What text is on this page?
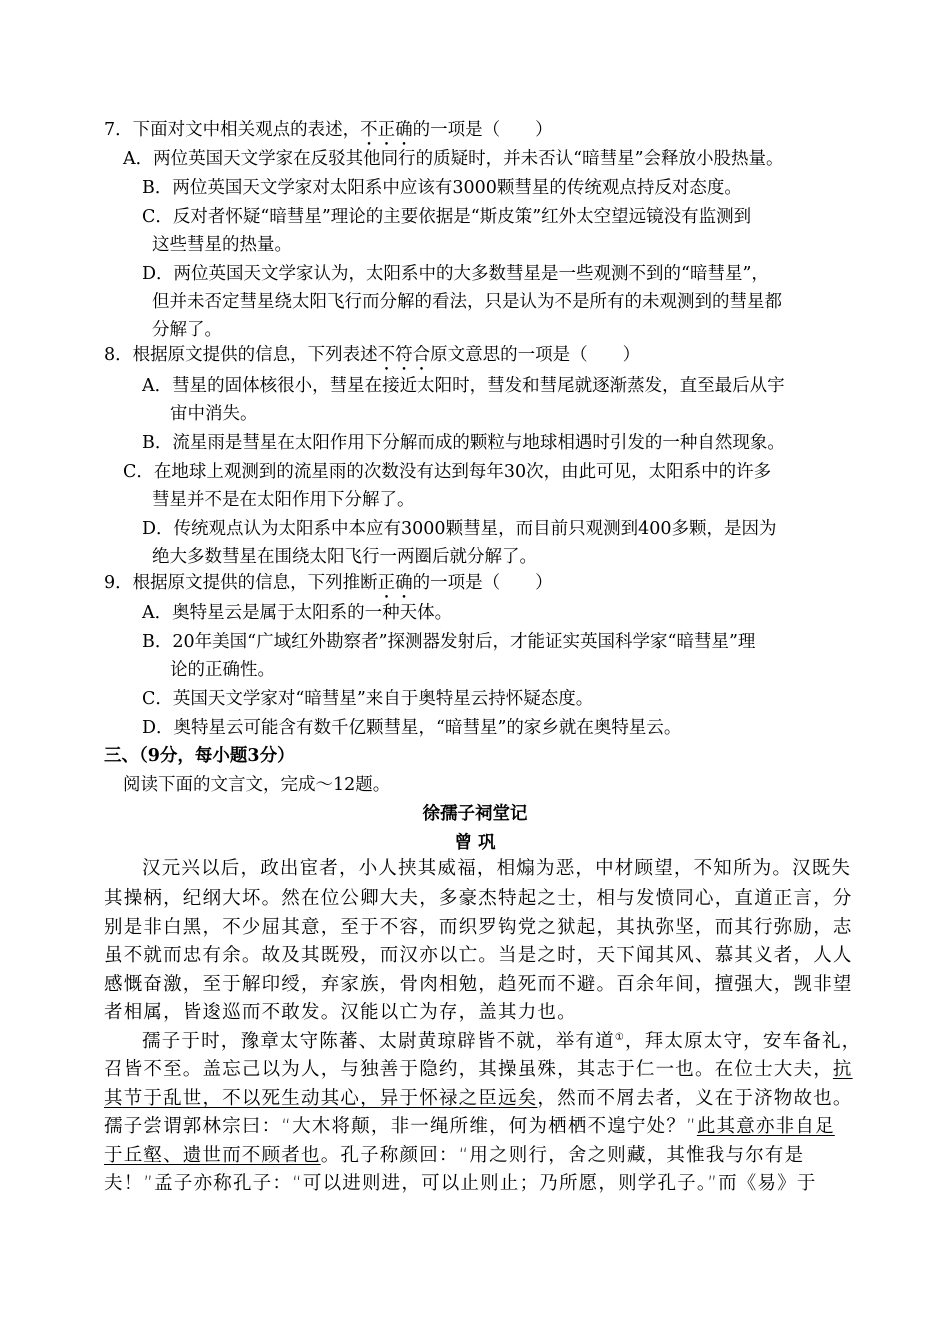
7．下面对文中相关观点的表述，不正确的一项是（　　）
A．两位英国天文学家在反驳其他同行的质疑时，并未否认“暗彗星”会释放小股热量。
B．两位英国天文学家对太阳系中应该有3000颗彗星的传统观点持反对态度。
C．反对者怀疑“暗彗星”理论的主要依据是“斯皮策”红外太空望远镜没有监测到
这些彗星的热量。
D．两位英国天文学家认为，太阳系中的大多数彗星是一些观测不到的“暗彗星”，
但并未否定彗星绕太阳飞行而分解的看法，只是认为不是所有的未观测到的彗星都
分解了。
8．根据原文提供的信息，下列表述不符合原文意思的一项是（　　）
A．彗星的固体核很小，彗星在接近太阳时，彗发和彗尾就逐渐蒸发，直至最后从宇
宙中消失。
B．流星雨是彗星在太阳作用下分解而成的颗粒与地球相遇时引发的一种自然现象。
C．在地球上观测到的流星雨的次数没有达到每年30次，由此可见，太阳系中的许多
彗星并不是在太阳作用下分解了。
D．传统观点认为太阳系中本应有3000颗彗星，而目前只观测到400多颗，是因为
绝大多数彗星在围绕太阳飞行一两圈后就分解了。
9．根据原文提供的信息，下列推断正确的一项是（　　）
A．奥特星云是属于太阳系的一种天体。
B．20年美国“广域红外勘察者”探测器发射后，才能证实英国科学家“暗彗星”理
论的正确性。
C．英国天文学家对“暗彗星”来自于奥特星云持怀疑态度。
D．奥特星云可能含有数千亿颗彗星，“暗彗星”的家乡就在奥特星云。
三、（9分，每小题3分）
阅读下面的文言文，完成～12题。
徐孺子祠堂记
曾 巩
汉元兴以后，政出宦者，小人挟其威福，相煽为恶，中材顾望，不知所为。汉既失
其操柄，纪纲大坏。然在位公卿大夫，多豪杰特起之士，相与发愤同心，直道正言，分
别是非白黑，不少屈其意，至于不容，而织罗钩党之狱起，其执弥坚，而其行弥励，志
虽不就而忠有余。故及其既殁，而汉亦以亡。当是之时，天下闻其风、慕其义者，人人
感慨奋激，至于解印绶，弃家族，骨肉相勉，趋死而不避。百余年间，擅强大，觊非望
者相属，皆逡巡而不敢发。汉能以亡为存，盖其力也。
孺子于时，豫章太守陈蕃、太尉黄琼辟皆不就，举有道①，拜太原太守，安车备礼，
召皆不至。盖忘己以为人，与独善于隐约，其操虽殊，其志于仁一也。在位士大夫，抗
其节于乱世，不以死生动其心，异于怀禄之臣远矣，然而不屑去者，义在于济物故也。
孺子尝谓郭林宗曰：“大木将颠，非一绳所维，何为栖栖不遑宁处？”此其意亦非自足
于丘壑、遗世而不顾者也。孔子称颜回：“用之则行，舍之则藏，其惟我与尔有是
夫！”孟子亦称孔子：“可以进则进，可以止则止；乃所愿，则学孔子。”而《易》于
